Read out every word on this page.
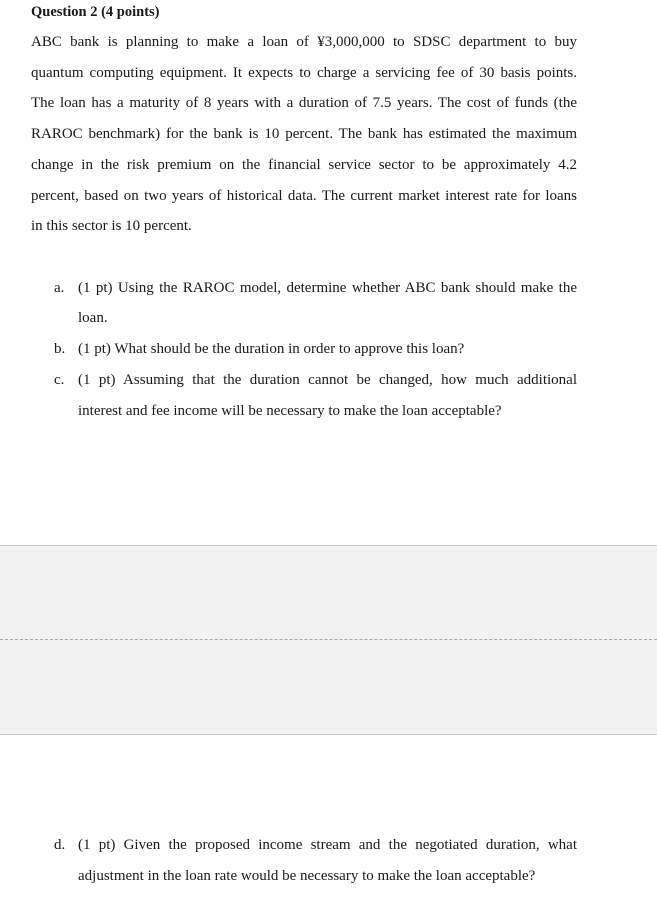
Question 2 (4 points)
ABC bank is planning to make a loan of ¥3,000,000 to SDSC department to buy
quantum computing equipment. It expects to charge a servicing fee of 30 basis points.
The loan has a maturity of 8 years with a duration of 7.5 years. The cost of funds (the
RAROC benchmark) for the bank is 10 percent. The bank has estimated the maximum
change in the risk premium on the financial service sector to be approximately 4.2
percent, based on two years of historical data. The current market interest rate for loans
in this sector is 10 percent.
a. (1 pt) Using the RAROC model, determine whether ABC bank should make the
loan.
b. (1 pt) What should be the duration in order to approve this loan?
c. (1 pt) Assuming that the duration cannot be changed, how much additional
interest and fee income will be necessary to make the loan acceptable?
d. (1 pt) Given the proposed income stream and the negotiated duration, what
adjustment in the loan rate would be necessary to make the loan acceptable?
